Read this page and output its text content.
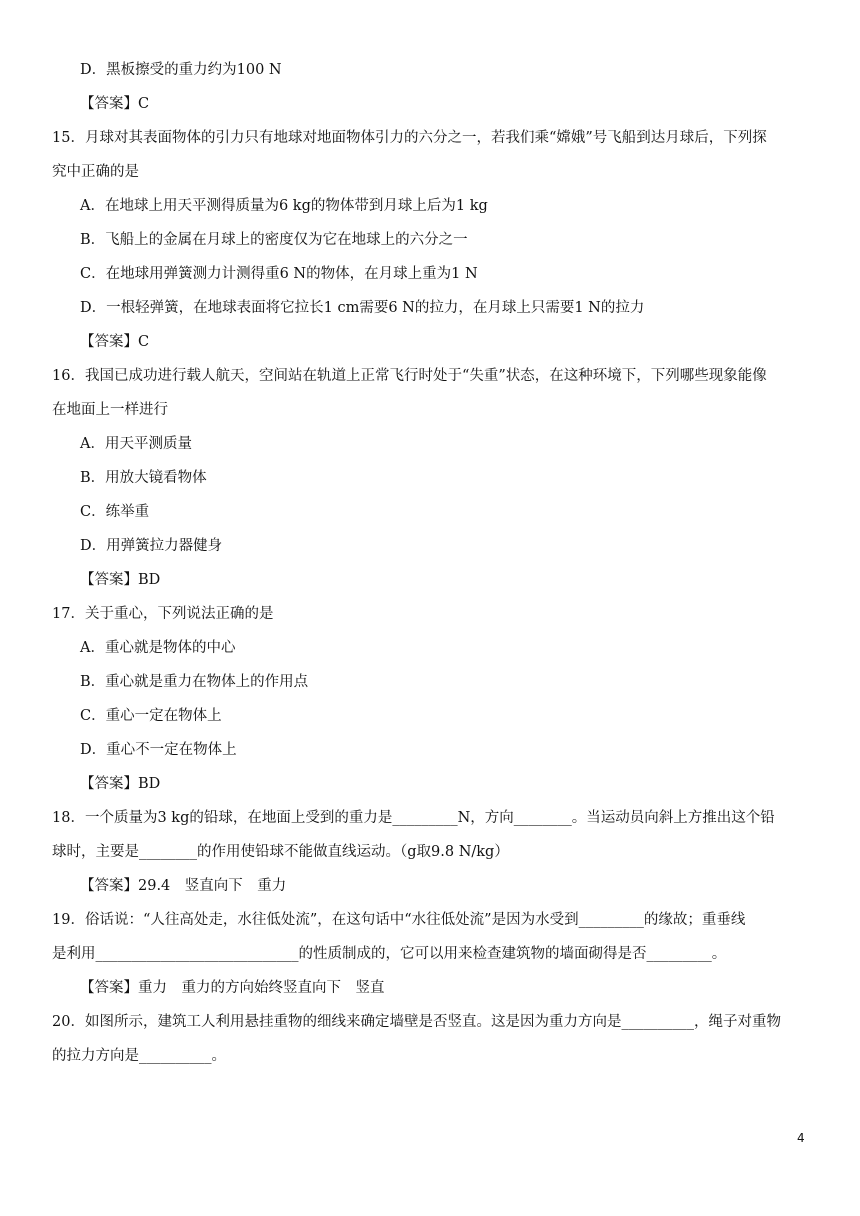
D．黑板擦受的重力约为100 N
【答案】C
15．月球对其表面物体的引力只有地球对地面物体引力的六分之一，若我们乘“嫦娥”号飞船到达月球后，下列探
究中正确的是
A．在地球上用天平测得质量为6 kg的物体带到月球上后为1 kg
B．飞船上的金属在月球上的密度仅为它在地球上的六分之一
C．在地球用弹簧测力计测得重6 N的物体，在月球上重为1 N
D．一根轻弹簧，在地球表面将它拉长1 cm需要6 N的拉力，在月球上只需要1 N的拉力
【答案】C
16．我国已成功进行载人航天，空间站在轨道上正常飞行时处于“失重”状态，在这种环境下，下列哪些现象能像
在地面上一样进行
A．用天平测质量
B．用放大镜看物体
C．练举重
D．用弹簧拉力器健身
【答案】BD
17．关于重心，下列说法正确的是
A．重心就是物体的中心
B．重心就是重力在物体上的作用点
C．重心一定在物体上
D．重心不一定在物体上
【答案】BD
18．一个质量为3 kg的铅球，在地面上受到的重力是_________N，方向________。当运动员向斜上方推出这个铅
球时，主要是________的作用使铅球不能做直线运动。（g取9.8 N/kg）
【答案】29.4　竖直向下　重力
19．俗话说：“人往高处走，水往低处流”，在这句话中“水往低处流”是因为水受到_________的缘故；重垂线
是利用____________________________的性质制成的，它可以用来检查建筑物的墙面砌得是否_________。
【答案】重力　重力的方向始终竖直向下　竖直
20．如图所示，建筑工人利用悬挂重物的细线来确定墙壁是否竖直。这是因为重力方向是__________，绳子对重物
的拉力方向是__________。
4
